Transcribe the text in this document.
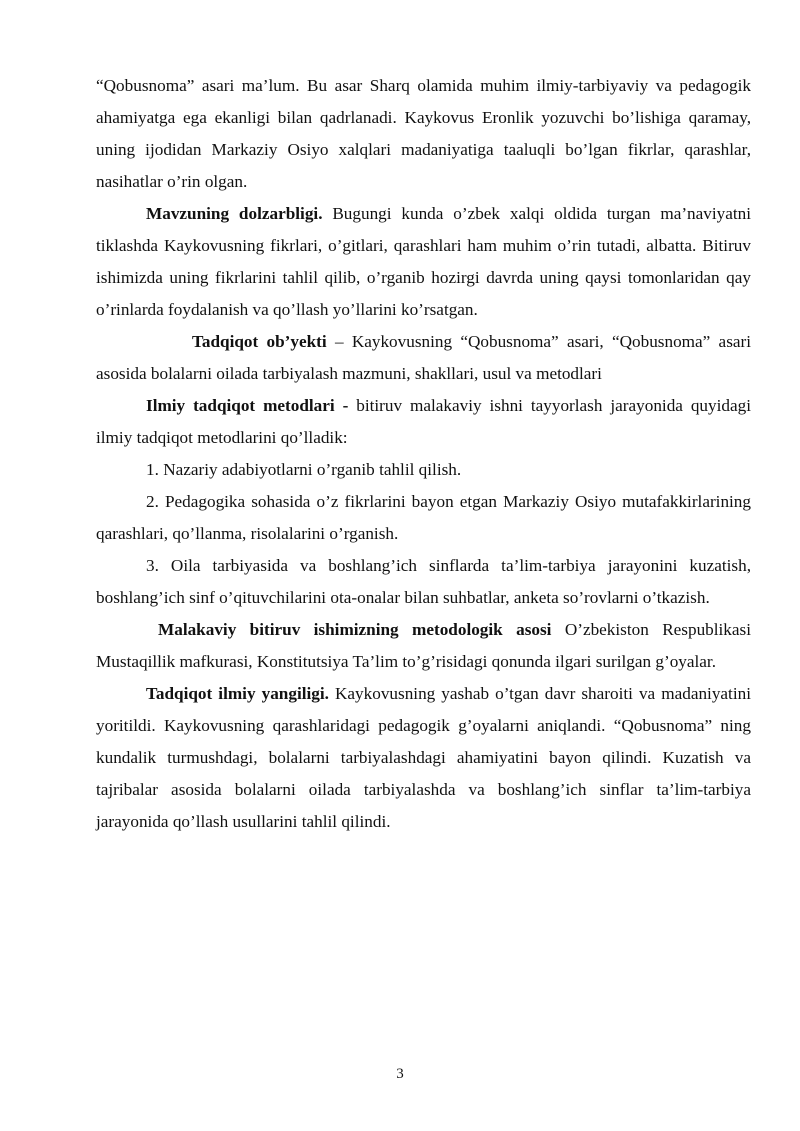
“Qobusnoma” asari ma’lum. Bu asar Sharq olamida muhim ilmiy-tarbiyaviy va pedagogik ahamiyatga ega ekanligi bilan qadrlanadi. Kaykovus Eronlik yozuvchi bo’lishiga qaramay, uning ijodidan Markaziy Osiyo xalqlari madaniyatiga taaluqli bo’lgan fikrlar, qarashlar, nasihatlar o’rin olgan.

Mavzuning dolzarbligi. Bugungi kunda o’zbek xalqi oldida turgan ma’naviyatni tiklashda Kaykovusning fikrlari, o’gitlari, qarashlari ham muhim o’rin tutadi, albatta. Bitiruv ishimizda uning fikrlarini tahlil qilib, o’rganib hozirgi davrda uning qaysi tomonlaridan qay o’rinlarda foydalanish va qo’llash yo’llarini ko’rsatgan.

Tadqiqot ob’yekti – Kaykovusning “Qobusnoma” asari, “Qobusnoma” asari asosida bolalarni oilada tarbiyalash mazmuni, shakllari, usul va metodlari

Ilmiy tadqiqot metodlari - bitiruv malakaviy ishni tayyorlash jarayonida quyidagi ilmiy tadqiqot metodlarini qo’lladik:

1. Nazariy adabiyotlarni o’rganib tahlil qilish.

2. Pedagogika sohasida o’z fikrlarini bayon etgan Markaziy Osiyo mutafakkirlarining qarashlari, qo’llanma, risolalarini o’rganish.

3. Oila tarbiyasida va boshlang’ich sinflarda ta’lim-tarbiya jarayonini kuzatish, boshlang’ich sinf o’qituvchilarini ota-onalar bilan suhbatlar, anketa so’rovlarni o’tkazish.

Malakaviy bitiruv ishimizning metodologik asosi O’zbekiston Respublikasi Mustaqillik mafkurasi, Konstitutsiya Ta’lim to’g’risidagi qonunda ilgari surilgan g’oyalar.

Tadqiqot ilmiy yangiligi. Kaykovusning yashab o’tgan davr sharoiti va madaniyatini yoritildi. Kaykovusning qarashlaridagi pedagogik g’oyalarni aniqlandi. “Qobusnoma” ning kundalik turmushdagi, bolalarni tarbiyalashdagi ahamiyatini bayon qilindi. Kuzatish va tajribalar asosida bolalarni oilada tarbiyalashda va boshlang’ich sinflar ta’lim-tarbiya jarayonida qo’llash usullarini tahlil qilindi.

3
